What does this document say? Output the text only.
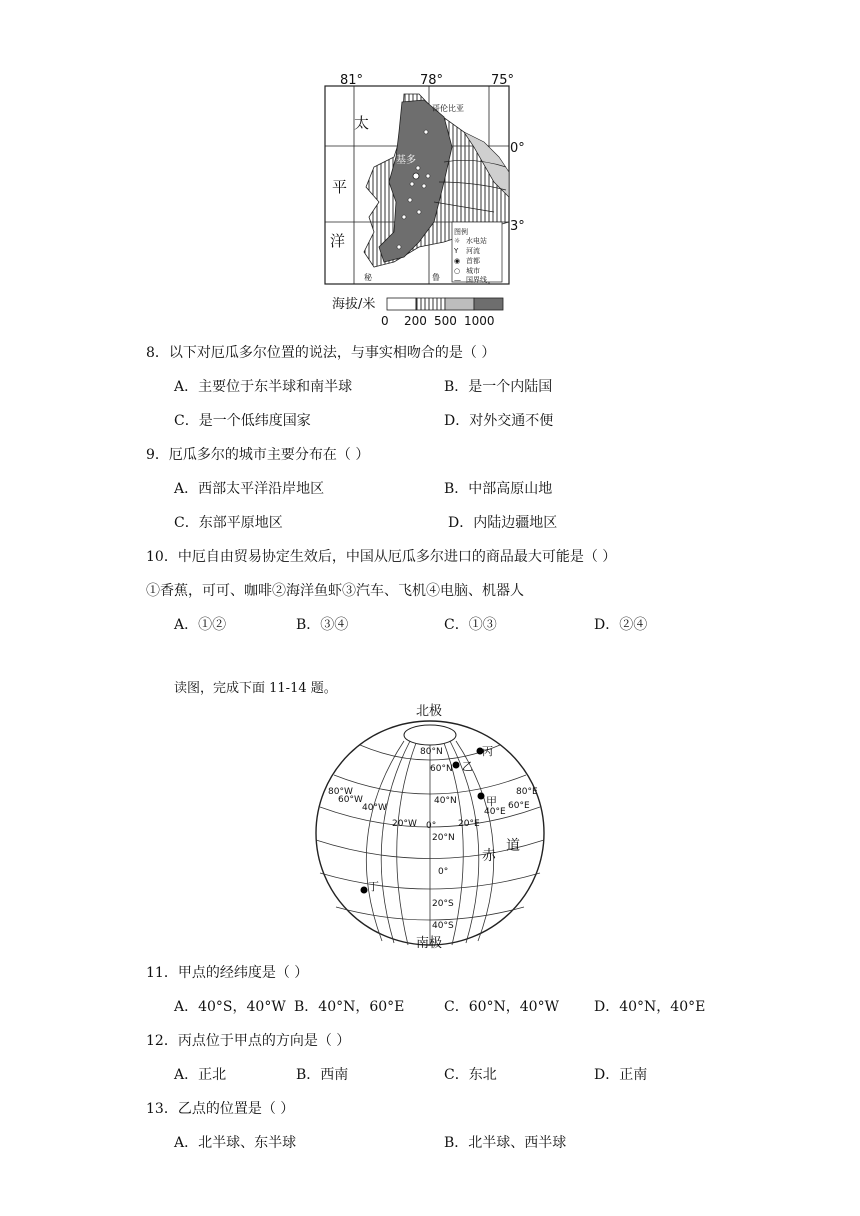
81°	78°	75°
0°
3°
太
平
洋
哥伦比亚
秘	鲁
基多
图例
☼ 水电站
Y 河流
◉ 首都
○ 城市
— 国界线
海拔/米
0 200 500 1000
8．以下对厄瓜多尔位置的说法，与事实相吻合的是（ ）
A．主要位于东半球和南半球	B．是一个内陆国
C．是一个低纬度国家	D．对外交通不便
9．厄瓜多尔的城市主要分布在（ ）
A．西部太平洋沿岸地区	B．中部高原山地
C．东部平原地区	D．内陆边疆地区
10．中厄自由贸易协定生效后，中国从厄瓜多尔进口的商品最大可能是（ ）
①香蕉，可可、咖啡②海洋鱼虾③汽车、飞机④电脑、机器人
A．①②	B．③④	C．①③	D．②④
读图，完成下面 11-14 题。
北极
南极
80°N
60°N
40°N
20°N
0°
20°S
40°S
80°W
60°W
40°W
20°W 0° 20°E
40°E
60°E
80°E
甲
乙
丙
丁
赤
道
11．甲点的经纬度是（ ）
A．40°S，40°W B．40°N，60°E	C．60°N，40°W	D．40°N，40°E
12．丙点位于甲点的方向是（ ）
A．正北	B．西南	C．东北	D．正南
13．乙点的位置是（ ）
A．北半球、东半球	B．北半球、西半球
